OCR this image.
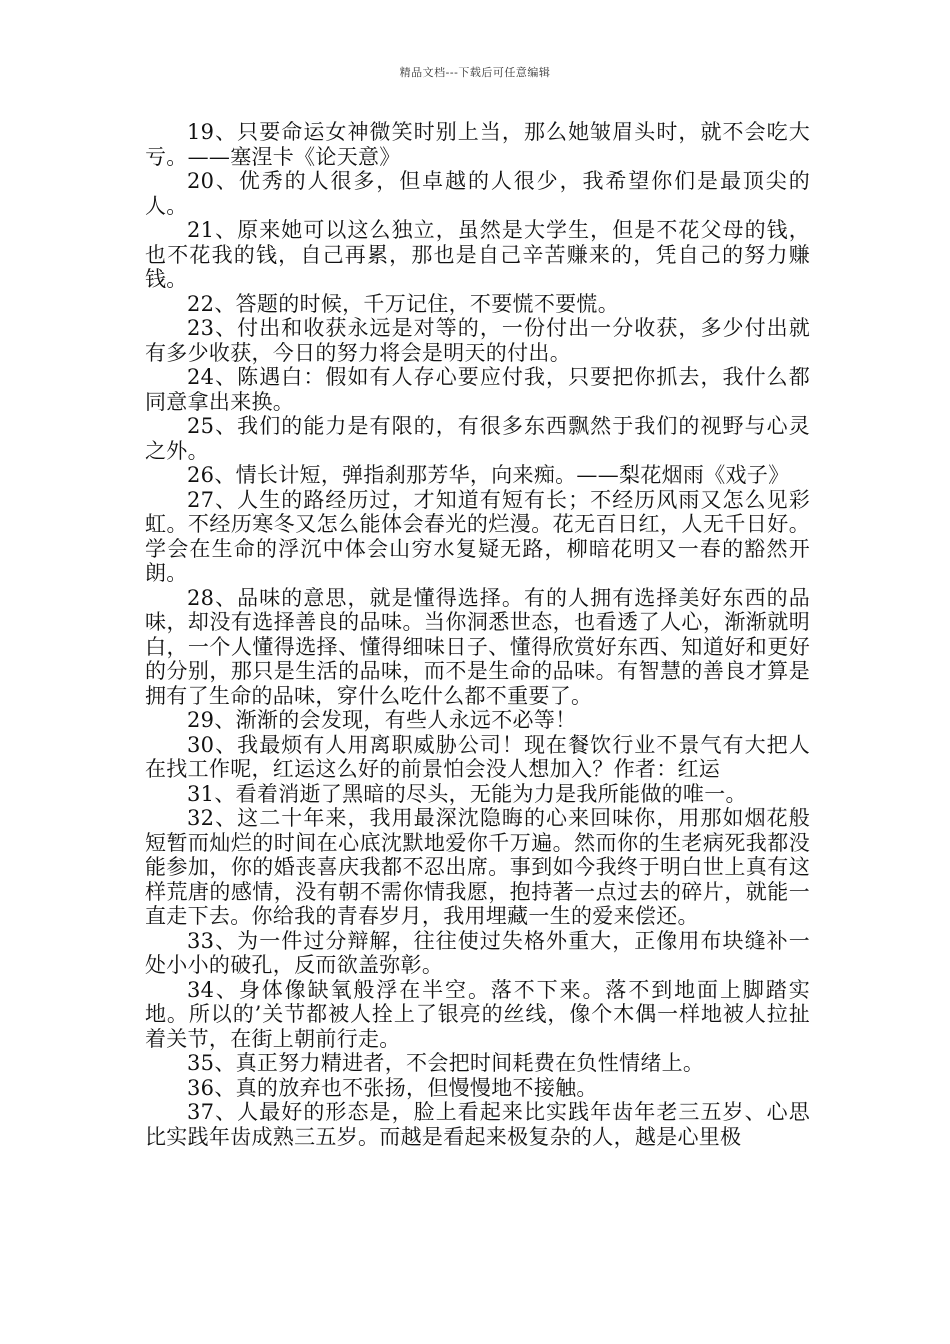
精品文档---下载后可任意编辑

19、只要命运女神微笑时别上当，那么她皱眉头时，就不会吃大亏。——塞涅卡《论天意》

20、优秀的人很多，但卓越的人很少，我希望你们是最顶尖的人。

21、原来她可以这么独立，虽然是大学生，但是不花父母的钱，也不花我的钱，自己再累，那也是自己辛苦赚来的，凭自己的努力赚钱。

22、答题的时候，千万记住，不要慌不要慌。

23、付出和收获永远是对等的，一份付出一分收获，多少付出就有多少收获，今日的努力将会是明天的付出。

24、陈遇白：假如有人存心要应付我，只要把你抓去，我什么都同意拿出来换。

25、我们的能力是有限的，有很多东西飘然于我们的视野与心灵之外。

26、情长计短，弹指刹那芳华，向来痴。——梨花烟雨《戏子》

27、人生的路经历过，才知道有短有长；不经历风雨又怎么见彩虹。不经历寒冬又怎么能体会春光的烂漫。花无百日红，人无千日好。学会在生命的浮沉中体会山穷水复疑无路，柳暗花明又一春的豁然开朗。

28、品味的意思，就是懂得选择。有的人拥有选择美好东西的品味，却没有选择善良的品味。当你洞悉世态，也看透了人心，渐渐就明白，一个人懂得选择、懂得细味日子、懂得欣赏好东西、知道好和更好的分别，那只是生活的品味，而不是生命的品味。有智慧的善良才算是拥有了生命的品味，穿什么吃什么都不重要了。

29、渐渐的会发现，有些人永远不必等！

30、我最烦有人用离职威胁公司！现在餐饮行业不景气有大把人在找工作呢，红运这么好的前景怕会没人想加入？作者：红运

31、看着消逝了黑暗的尽头，无能为力是我所能做的唯一。

32、这二十年来，我用最深沈隐晦的心来回味你，用那如烟花般短暂而灿烂的时间在心底沈默地爱你千万遍。然而你的生老病死我都没能参加，你的婚丧喜庆我都不忍出席。事到如今我终于明白世上真有这样荒唐的感情，没有朝不需你情我愿，抱持著一点过去的碎片，就能一直走下去。你给我的青春岁月，我用埋藏一生的爱来偿还。

33、为一件过分辩解，往往使过失格外重大，正像用布块缝补一处小小的破孔，反而欲盖弥彰。

34、身体像缺氧般浮在半空。落不下来。落不到地面上脚踏实地。所以的’关节都被人拴上了银亮的丝线，像个木偶一样地被人拉扯着关节，在街上朝前行走。

35、真正努力精进者，不会把时间耗费在负性情绪上。

36、真的放弃也不张扬，但慢慢地不接触。

37、人最好的形态是，脸上看起来比实践年齿年老三五岁、心思比实践年齿成熟三五岁。而越是看起来极复杂的人，越是心里极
